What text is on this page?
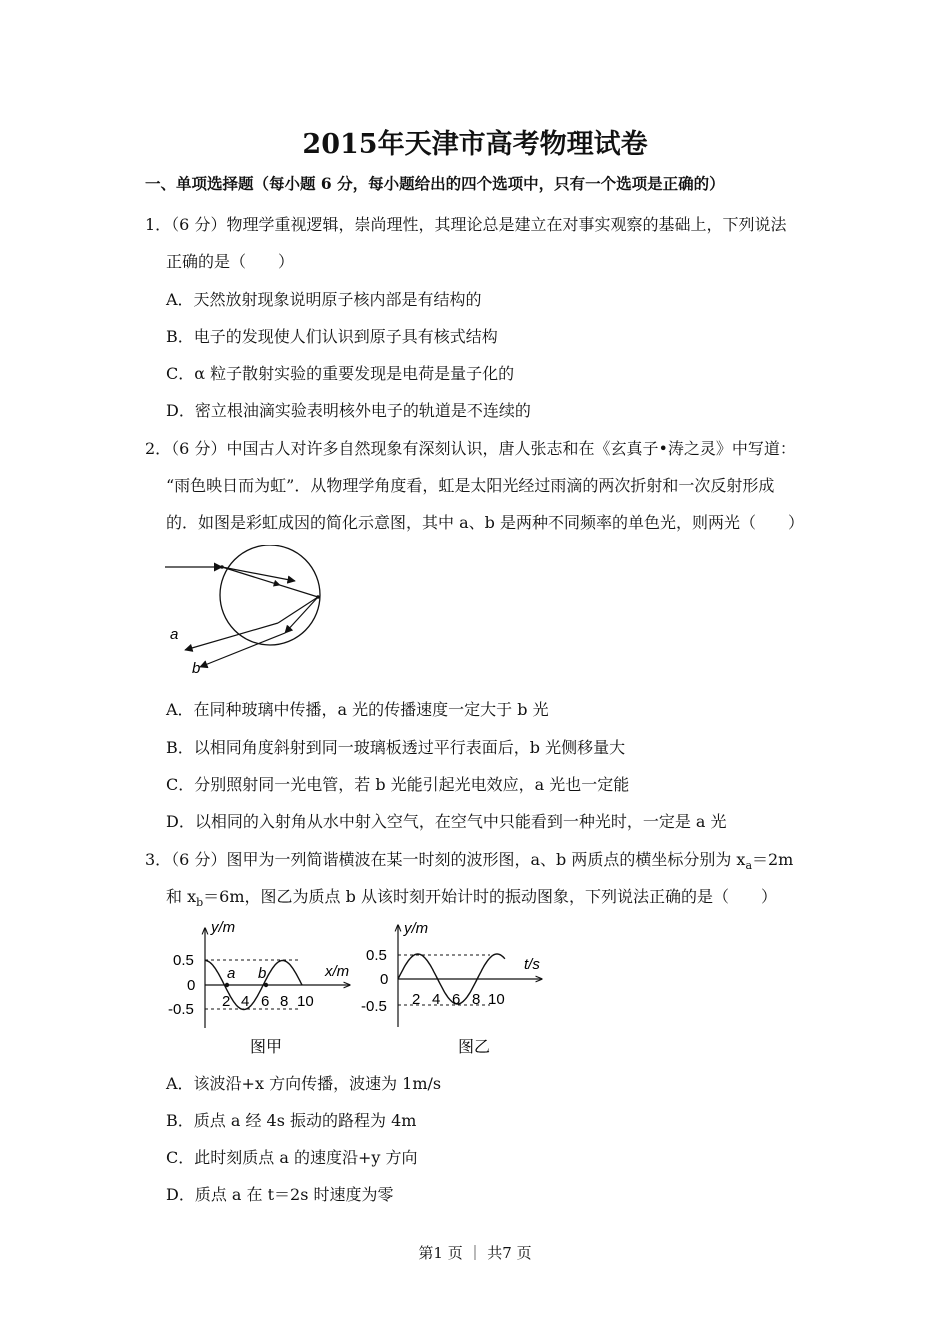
2015年天津市高考物理试卷
一、单项选择题（每小题 6 分，每小题给出的四个选项中，只有一个选项是正确的）
1．（6 分）物理学重视逻辑，崇尚理性，其理论总是建立在对事实观察的基础上，下列说法
正确的是（　　）
A．天然放射现象说明原子核内部是有结构的
B．电子的发现使人们认识到原子具有核式结构
C．α 粒子散射实验的重要发现是电荷是量子化的
D．密立根油滴实验表明核外电子的轨道是不连续的
2．（6 分）中国古人对许多自然现象有深刻认识，唐人张志和在《玄真子•涛之灵》中写道：
“雨色映日而为虹”．从物理学角度看，虹是太阳光经过雨滴的两次折射和一次反射形成
的．如图是彩虹成因的简化示意图，其中 a、b 是两种不同频率的单色光，则两光（　　）
a
b
A．在同种玻璃中传播，a 光的传播速度一定大于 b 光
B．以相同角度斜射到同一玻璃板透过平行表面后，b 光侧移量大
C．分别照射同一光电管，若 b 光能引起光电效应，a 光也一定能
D．以相同的入射角从水中射入空气，在空气中只能看到一种光时，一定是 a 光
3．（6 分）图甲为一列简谐横波在某一时刻的波形图，a、b 两质点的横坐标分别为 $x_a=2m$
和 $x_b=6m$，图乙为质点 b 从该时刻开始计时的振动图象，下列说法正确的是（　　）
y/m
x/m
0.5
0
-0.5 2 4 6 8 10
a b
图甲
y/m
t/s
0.5
0
-0.5 2 4 6 8 10
图乙
A．该波沿+x 方向传播，波速为 1m/s
B．质点 a 经 4s 振动的路程为 4m
C．此时刻质点 a 的速度沿+y 方向
D．质点 a 在 t＝2s 时速度为零
第1 页 ｜ 共7 页
